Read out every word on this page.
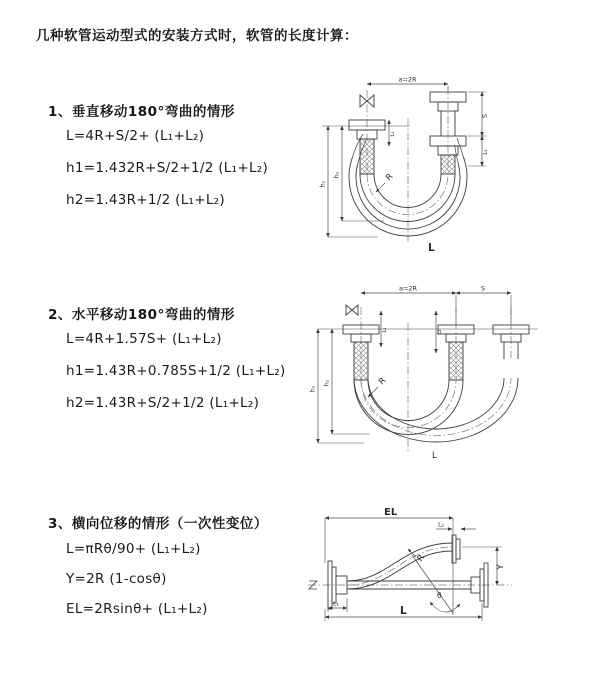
几种软管运动型式的安装方式时，软管的长度计算：
1、垂直移动180°弯曲的情形
L=4R+S/2+ (L₁+L₂)
h1=1.432R+S/2+1/2 (L₁+L₂)
h2=1.43R+1/2 (L₁+L₂)
a=2R
S
L₂
L₁
h₁
h₂	R
L
2、水平移动180°弯曲的情形
L=4R+1.57S+ (L₁+L₂)
h1=1.43R+0.785S+1/2 (L₁+L₂)
h2=1.43R+S/2+1/2 (L₁+L₂)
a=2R	S
L₁	L₂
h₁
h₂	R
L
3、横向位移的情形（一次性变位）
L=πRθ/90+ (L₁+L₂)
Y=2R (1-cosθ)
EL=2Rsinθ+ (L₁+L₂)
EL
L₂
Y
L₁
L
R
θ
